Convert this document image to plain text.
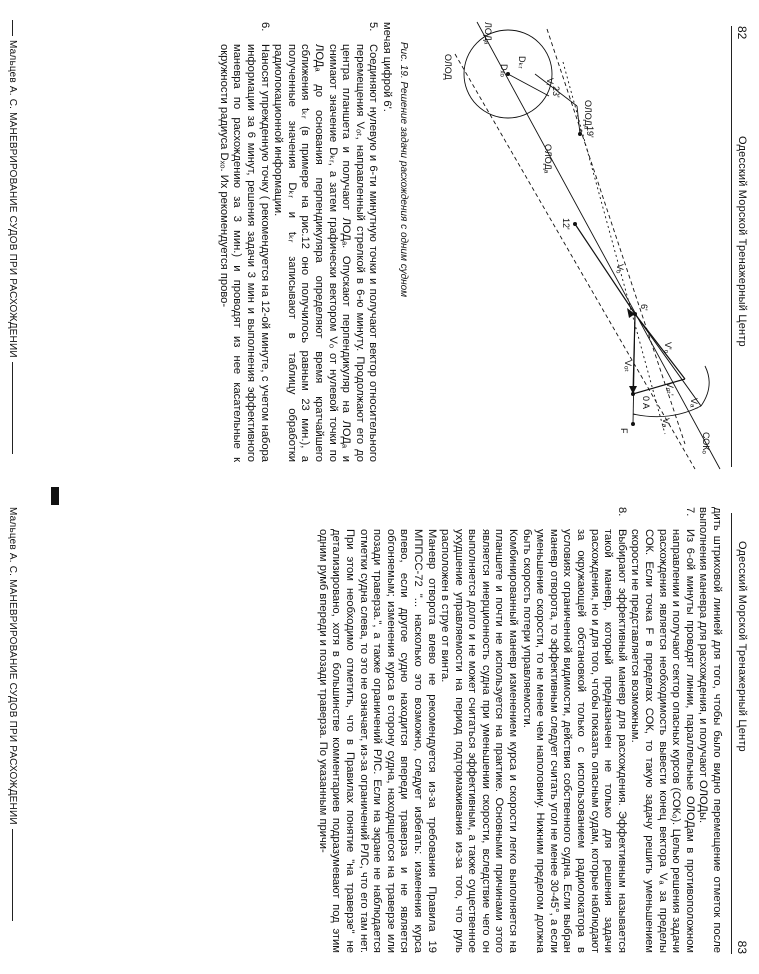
82
Одесский Морской Тренажерный Центр
СОКₒ
0 A
Vₐ
Vₒ
V'ₒ
Vₒₜ
Vₒₜ'
Vₐ'
F
6'
12'
19'
23'
ОЛОДₐ
ОЛОДₐ
ОЛОД
ЛОДₐ
Dₖᵣ
Dₓₒ
Vᵣ
Рис. 19. Решение задачи расхождения с одним судном

мечая цифрой 6'.

5.

Соединяют нулевую и 6-ти минутную точки и получают вектор относительного перемещения Vₒₜ, направленный стрелкой в 6-ю минуту. Продолжают его до центра планшета и получают ЛОДₐ. Опускают перпендикуляр на ЛОДₐ и снимают значение Dₖᵣ, а затем графически вектором Vₒ от нулевой точки по ЛОДₐ до основания перпендикуляра определяют время кратчайшего сближения tₖᵣ (в примере на рис.12 оно получилось равным 23 мин.), а полученные значения Dₖᵣ и tₖᵣ записывают в таблицу обработки радиолокационной информации.

6.

Наносят упрежденную точку ( рекомендуется на 12-ой минуте, с учетом набора информации за 6 минут, решения задачи 3 мин и выполнения эффективного маневра по расхождению за 3 мин.) и проводят из нее касательные к окружности радиуса Dₓₒ. Их рекомендуется прово-

Мальцев А. С. МАНЕВРИРОВАНИЕ СУДОВ ПРИ РАСХОЖДЕНИИ
Одесский Морской Тренажерный Центр
83

дить штриховой линией для того, чтобы было видно перемещение отметок после выполнения маневра для расхождения, и получают ОЛОДы.

7.

Из 6-ой минуты проводят линии, параллельные ОЛОДам в противоположном направлении и получают сектор опасных курсов (СОКₒ). Целью решения задачи расхождения является необходимость вывести конец вектора Vₐ за пределы СОК. Если точка F в пределах СОК, то такую задачу решить уменьшением скорости не представляется возможным.

8.

Выбирают эффективный маневр для расхождения. Эффективным называется такой маневр, который предназначен не только для решения задачи расхождения, но и для того, чтобы показать опасным судам, которые наблюдают за окружающей обстановкой только с использованием радиолокатора в условиях ограниченной видимости, действия собственного судна. Если выбран маневр отворота, то эффективным следует считать угол не менее 30-45°, а если уменьшение скорости, то не менее чем наполовину. Нижним пределом должна быть скорость потери управляемости.

Комбинированный маневр изменением курса и скорости легко выполняется на планшете и почти не используется на практике. Основными причинами этого является инерционность судна при уменьшении скорости, вследствие чего он выполняется долго и не может считаться эффективным, а также существенное ухудшение управляемости на период подтормаживания из-за того, что руль расположен в струе от винта.

Маневр отворота влево не рекомендуется из-за требования Правила 19 МППСС-72 "... насколько это возможно, следует избегать: изменения курса влево, если другое судно находится впереди траверза и не является обгоняемым; изменения курса в сторону судна, находящегося на траверзе или позади траверза.", а также ограничений РЛС. Если на экране не наблюдается отметки судна слева, то это не означает, из-за ограничений РЛС, что его там нет. При этом необходимо отметить, что в Правилах понятие "на траверзе" не детализировано, хотя в большинстве комментариев подразумевают под этим одним румб впереди и позади траверза. По указанным причи-

Мальцев А. С. МАНЕВРИРОВАНИЕ СУДОВ ПРИ РАСХОЖДЕНИИ
